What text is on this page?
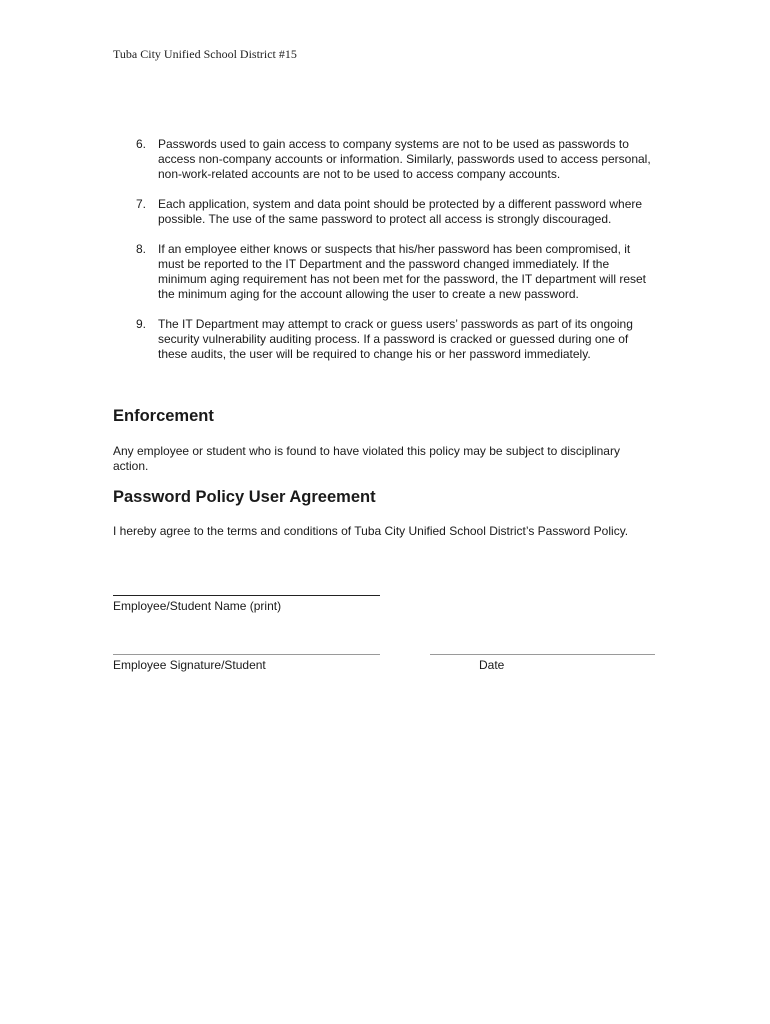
Tuba City Unified School District #15
6. Passwords used to gain access to company systems are not to be used as passwords to access non-company accounts or information. Similarly, passwords used to access personal, non-work-related accounts are not to be used to access company accounts.
7. Each application, system and data point should be protected by a different password where possible. The use of the same password to protect all access is strongly discouraged.
8. If an employee either knows or suspects that his/her password has been compromised, it must be reported to the IT Department and the password changed immediately. If the minimum aging requirement has not been met for the password, the IT department will reset the minimum aging for the account allowing the user to create a new password.
9. The IT Department may attempt to crack or guess users’ passwords as part of its ongoing security vulnerability auditing process. If a password is cracked or guessed during one of these audits, the user will be required to change his or her password immediately.
Enforcement

Any employee or student who is found to have violated this policy may be subject to disciplinary action.

Password Policy User Agreement

I hereby agree to the terms and conditions of Tuba City Unified School District’s Password Policy.

Employee/Student Name (print)
Employee Signature/Student	Date
